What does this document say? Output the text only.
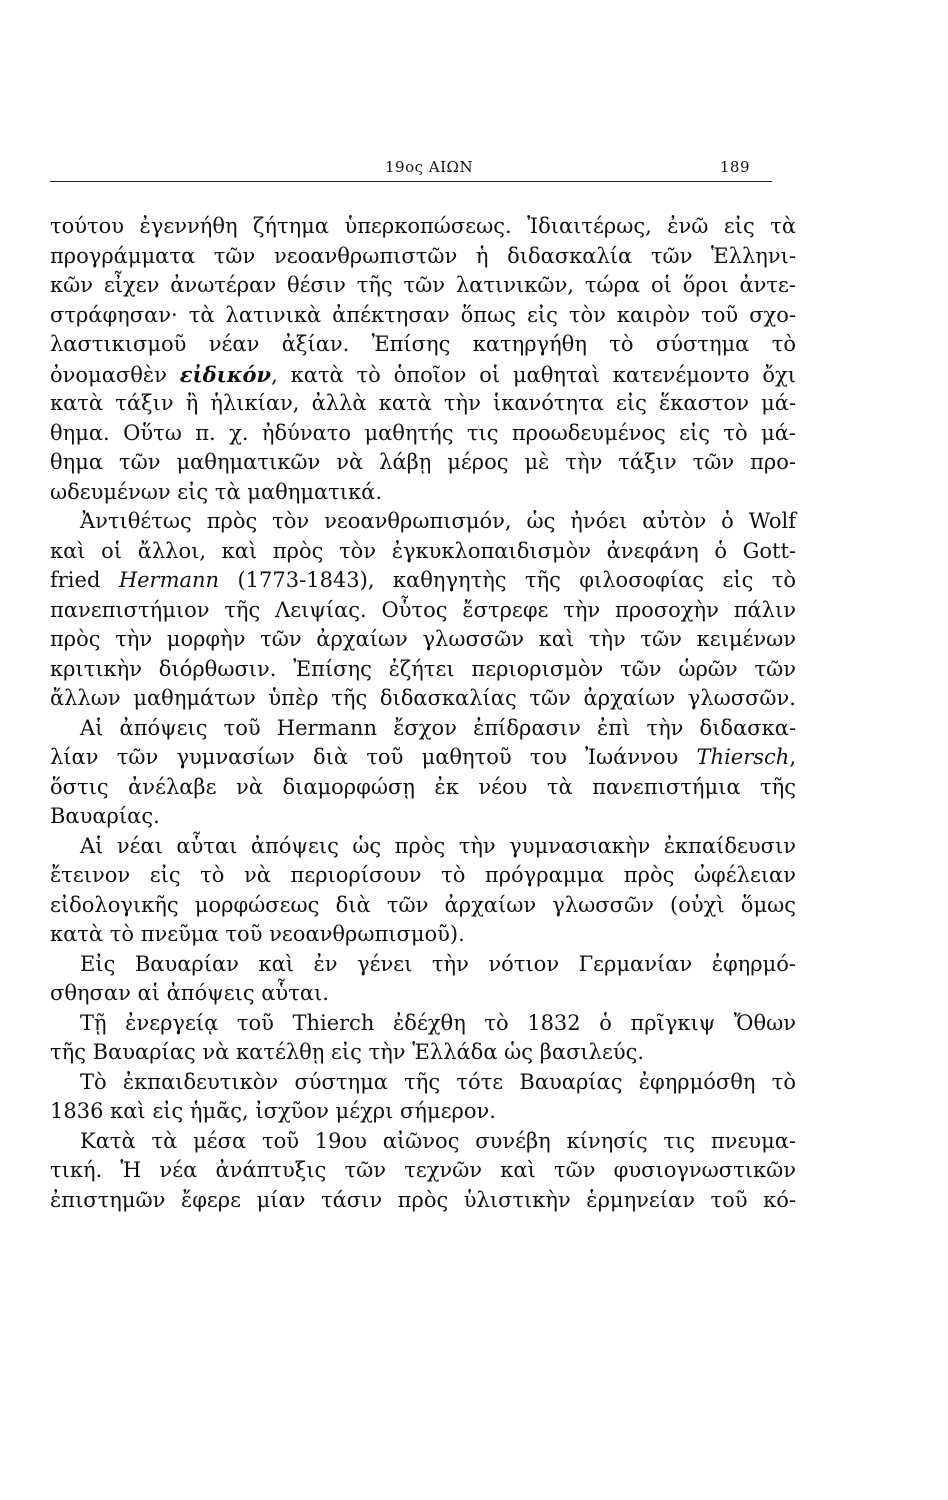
19ος ΑΙΩΝ	189
τούτου ἐγεννήθη ζήτημα ὑπερκοπώσεως. Ἰδιαιτέρως, ἐνῶ εἰς τὰ
προγράμματα τῶν νεοανθρωπιστῶν ἡ διδασκαλία τῶν Ἑλληνι-
κῶν εἶχεν ἀνωτέραν θέσιν τῆς τῶν λατινικῶν, τώρα οἱ ὅροι ἀντε-
στράφησαν· τὰ λατινικὰ ἀπέκτησαν ὅπως εἰς τὸν καιρὸν τοῦ σχο-
λαστικισμοῦ νέαν ἀξίαν. Ἐπίσης κατηργήθη τὸ σύστημα τὸ
ὀνομασθὲν εἰδικόν, κατὰ τὸ ὁποῖον οἱ μαθηταὶ κατενέμοντο ὄχι
κατὰ τάξιν ἢ ἡλικίαν, ἀλλὰ κατὰ τὴν ἱκανότητα εἰς ἕκαστον μά-
θημα. Οὕτω π. χ. ἠδύνατο μαθητής τις προωδευμένος εἰς τὸ μά-
θημα τῶν μαθηματικῶν νὰ λάβῃ μέρος μὲ τὴν τάξιν τῶν προ-
ωδευμένων εἰς τὰ μαθηματικά.
Ἀντιθέτως πρὸς τὸν νεοανθρωπισμόν, ὡς ἠνόει αὐτὸν ὁ Wolf
καὶ οἱ ἄλλοι, καὶ πρὸς τὸν ἐγκυκλοπαιδισμὸν ἀνεφάνη ὁ Gott-
fried Hermann (1773-1843), καθηγητὴς τῆς φιλοσοφίας εἰς τὸ
πανεπιστήμιον τῆς Λειψίας. Οὗτος ἔστρεφε τὴν προσοχὴν πάλιν
πρὸς τὴν μορφὴν τῶν ἀρχαίων γλωσσῶν καὶ τὴν τῶν κειμένων
κριτικὴν διόρθωσιν. Ἐπίσης ἐζήτει περιορισμὸν τῶν ὡρῶν τῶν
ἄλλων μαθημάτων ὑπὲρ τῆς διδασκαλίας τῶν ἀρχαίων γλωσσῶν.
Αἱ ἀπόψεις τοῦ Hermann ἔσχον ἐπίδρασιν ἐπὶ τὴν διδασκα-
λίαν τῶν γυμνασίων διὰ τοῦ μαθητοῦ του Ἰωάννου Thiersch,
ὅστις ἀνέλαβε νὰ διαμορφώσῃ ἐκ νέου τὰ πανεπιστήμια τῆς
Βαυαρίας.
Αἱ νέαι αὗται ἀπόψεις ὡς πρὸς τὴν γυμνασιακὴν ἐκπαίδευσιν
ἔτεινον εἰς τὸ νὰ περιορίσουν τὸ πρόγραμμα πρὸς ὠφέλειαν
εἰδολογικῆς μορφώσεως διὰ τῶν ἀρχαίων γλωσσῶν (οὐχὶ ὅμως
κατὰ τὸ πνεῦμα τοῦ νεοανθρωπισμοῦ).
Εἰς Βαυαρίαν καὶ ἐν γένει τὴν νότιον Γερμανίαν ἐφηρμό-
σθησαν αἱ ἀπόψεις αὗται.
Τῇ ἐνεργείᾳ τοῦ Thierch ἐδέχθη τὸ 1832 ὁ πρῖγκιψ Ὄθων
τῆς Βαυαρίας νὰ κατέλθῃ εἰς τὴν Ἑλλάδα ὡς βασιλεύς.
Τὸ ἐκπαιδευτικὸν σύστημα τῆς τότε Βαυαρίας ἐφηρμόσθη τὸ
1836 καὶ εἰς ἡμᾶς, ἰσχῦον μέχρι σήμερον.
Κατὰ τὰ μέσα τοῦ 19ου αἰῶνος συνέβη κίνησίς τις πνευμα-
τική. Ἡ νέα ἀνάπτυξις τῶν τεχνῶν καὶ τῶν φυσιογνωστικῶν
ἐπιστημῶν ἔφερε μίαν τάσιν πρὸς ὑλιστικὴν ἑρμηνείαν τοῦ κό-
